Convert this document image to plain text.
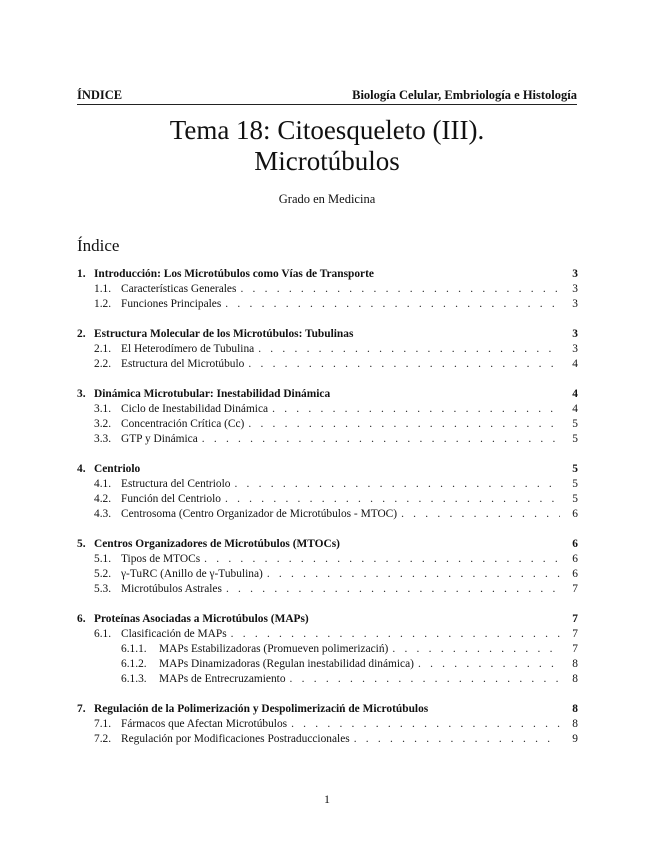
ÍNDICE	Biología Celular, Embriología e Histología
Tema 18: Citoesqueleto (III).
Microtúbulos
Grado en Medicina
Índice
1. Introducción: Los Microtúbulos como Vías de Transporte	3
1.1. Características Generales . . .	3
1.2. Funciones Principales . . .	3
2. Estructura Molecular de los Microtúbulos: Tubulinas	3
2.1. El Heterodímero de Tubulina . . .	3
2.2. Estructura del Microtúbulo . . .	4
3. Dinámica Microtubular: Inestabilidad Dinámica	4
3.1. Ciclo de Inestabilidad Dinámica . . .	4
3.2. Concentración Crítica (Cc) . . .	5
3.3. GTP y Dinámica . . .	5
4. Centriolo	5
4.1. Estructura del Centriolo . . .	5
4.2. Función del Centriolo . . .	5
4.3. Centrosoma (Centro Organizador de Microtúbulos - MTOC) . . .	6
5. Centros Organizadores de Microtúbulos (MTOCs)	6
5.1. Tipos de MTOCs . . .	6
5.2. γ-TuRC (Anillo de γ-Tubulina) . . .	6
5.3. Microtúbulos Astrales . . .	7
6. Proteínas Asociadas a Microtúbulos (MAPs)	7
6.1. Clasificación de MAPs . . .	7
6.1.1.	MAPs Estabilizadoras (Promueven polimerizaciń) . . .	7
6.1.2.	MAPs Dinamizadoras (Regulan inestabilidad dinámica) . . .	8
6.1.3.	MAPs de Entrecruzamiento . . .	8
7. Regulación de la Polimerización y Despolimerizaciń de Microtúbulos	8
7.1. Fármacos que Afectan Microtúbulos . . .	8
7.2. Regulación por Modificaciones Postraduccionales . . .	9
1
